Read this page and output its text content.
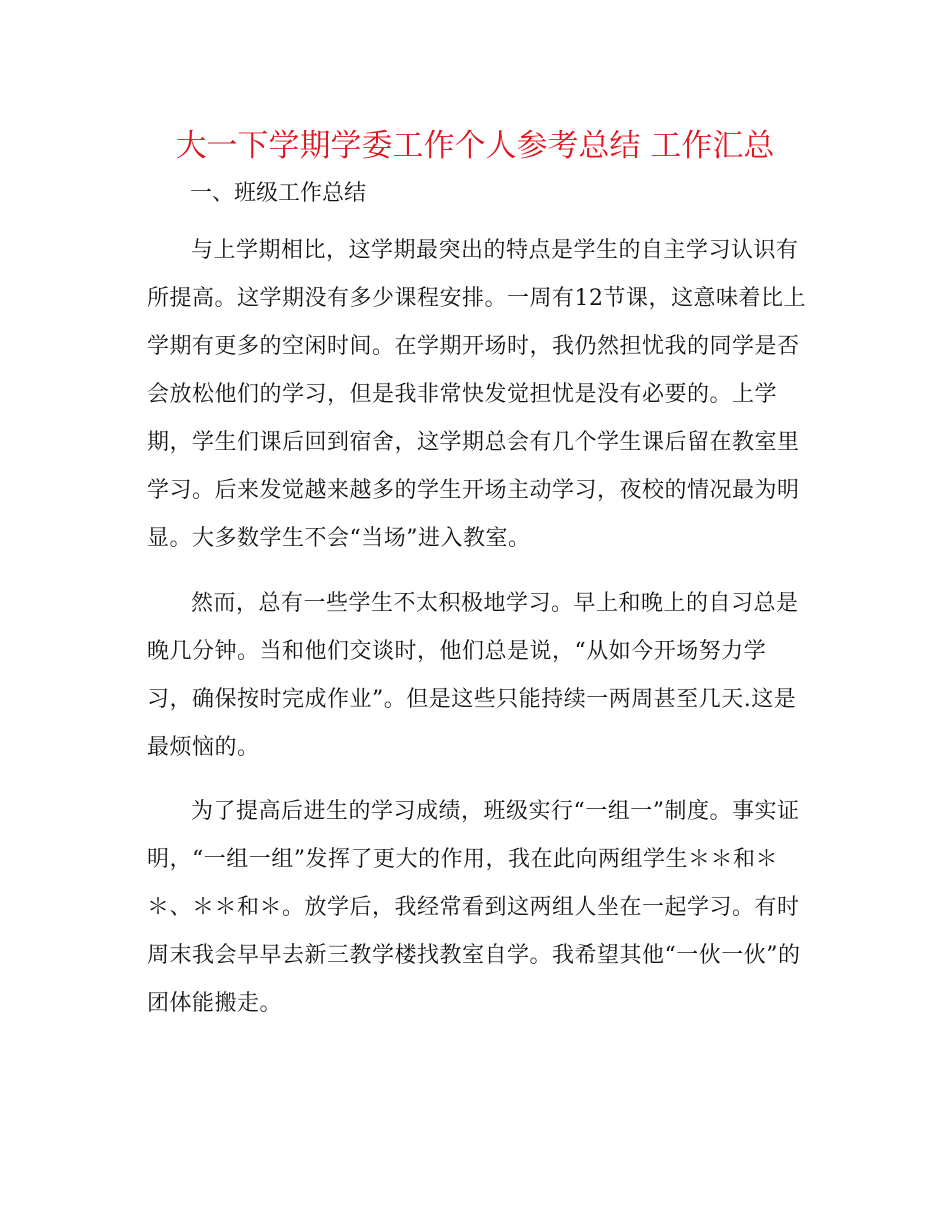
大一下学期学委工作个人参考总结 工作汇总

一、班级工作总结

与上学期相比，这学期最突出的特点是学生的自主学习认识有所提高。这学期没有多少课程安排。一周有12节课，这意味着比上学期有更多的空闲时间。在学期开场时，我仍然担忧我的同学是否会放松他们的学习，但是我非常快发觉担忧是没有必要的。上学期，学生们课后回到宿舍，这学期总会有几个学生课后留在教室里学习。后来发觉越来越多的学生开场主动学习，夜校的情况最为明显。大多数学生不会“当场”进入教室。

然而，总有一些学生不太积极地学习。早上和晚上的自习总是晚几分钟。当和他们交谈时，他们总是说，“从如今开场努力学习，确保按时完成作业”。但是这些只能持续一两周甚至几天.这是最烦恼的。

为了提高后进生的学习成绩，班级实行“一组一”制度。事实证明，“一组一组”发挥了更大的作用，我在此向两组学生＊＊和＊＊、＊＊和＊。放学后，我经常看到这两组人坐在一起学习。有时周末我会早早去新三教学楼找教室自学。我希望其他“一伙一伙”的团体能搬走。
